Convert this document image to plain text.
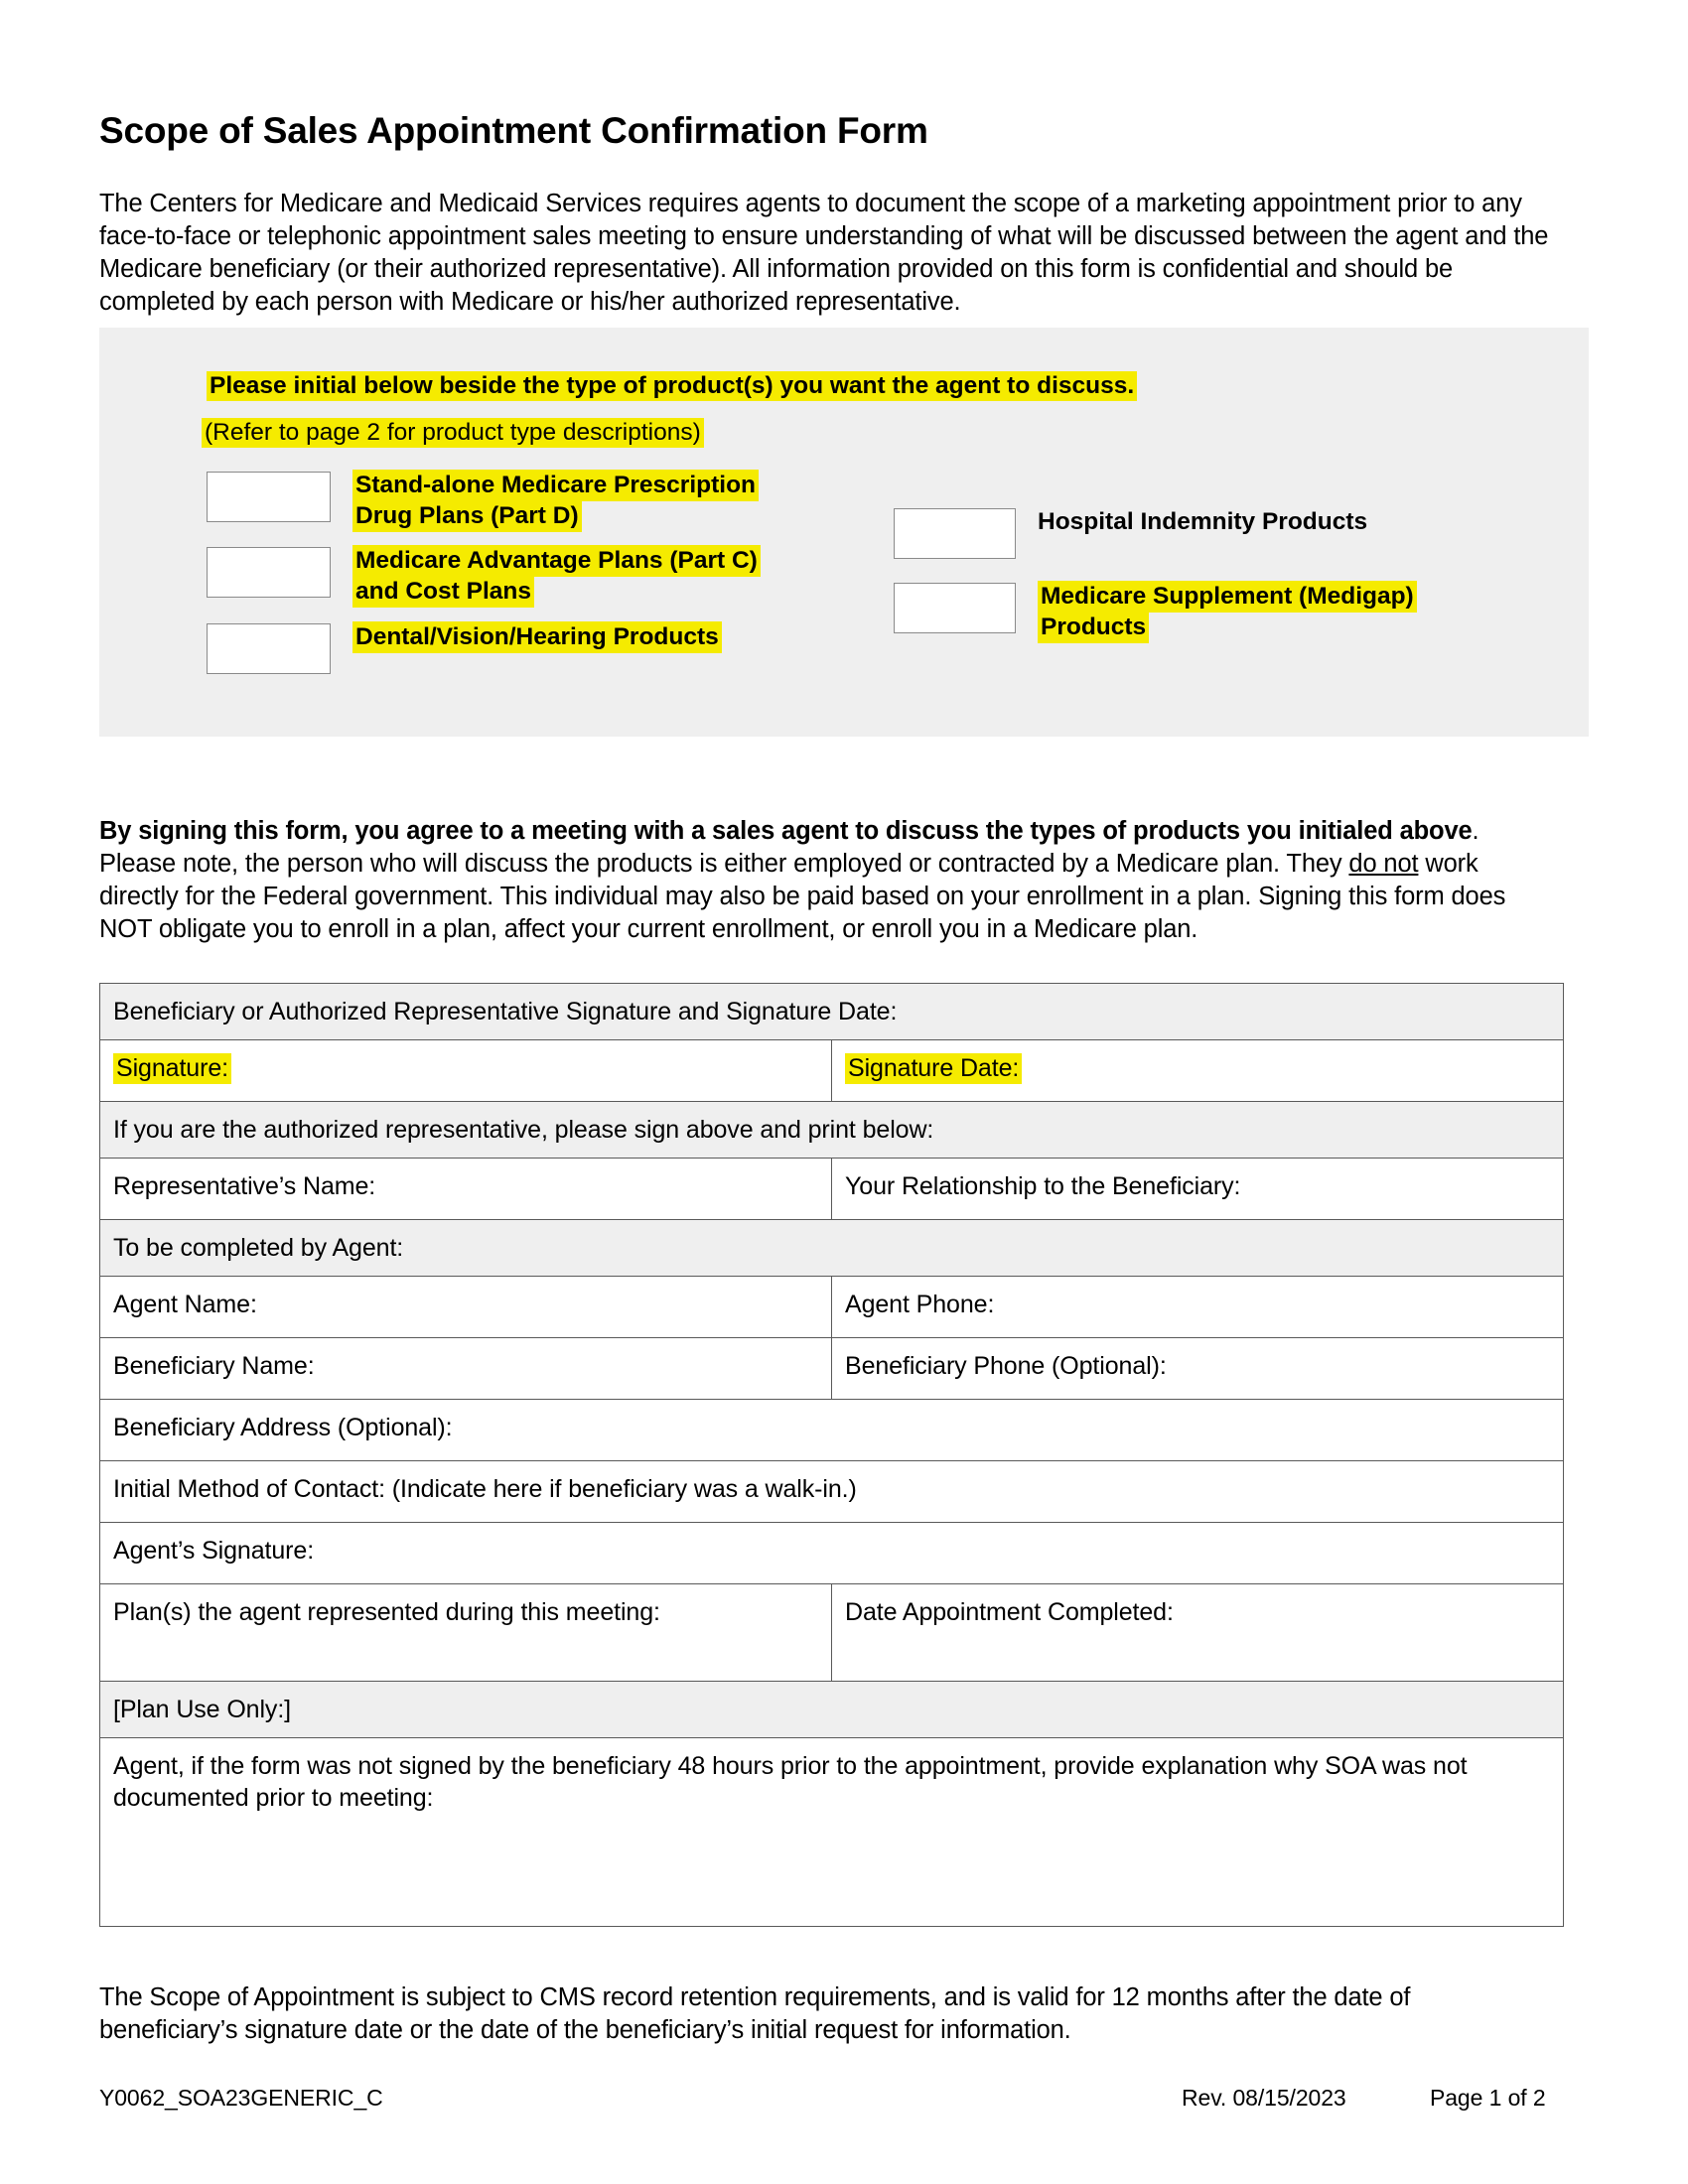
Scope of Sales Appointment Confirmation Form

The Centers for Medicare and Medicaid Services requires agents to document the scope of a marketing appointment prior to any face-to-face or telephonic appointment sales meeting to ensure understanding of what will be discussed between the agent and the Medicare beneficiary (or their authorized representative). All information provided on this form is confidential and should be completed by each person with Medicare or his/her authorized representative.

Please initial below beside the type of product(s) you want the agent to discuss.
(Refer to page 2 for product type descriptions)
Stand-alone Medicare Prescription Drug Plans (Part D)
Medicare Advantage Plans (Part C) and Cost Plans
Dental/Vision/Hearing Products
Hospital Indemnity Products
Medicare Supplement (Medigap) Products

By signing this form, you agree to a meeting with a sales agent to discuss the types of products you initialed above. Please note, the person who will discuss the products is either employed or contracted by a Medicare plan. They do not work directly for the Federal government. This individual may also be paid based on your enrollment in a plan. Signing this form does NOT obligate you to enroll in a plan, affect your current enrollment, or enroll you in a Medicare plan.

Beneficiary or Authorized Representative Signature and Signature Date:	
Signature:	Signature Date:
If you are the authorized representative, please sign above and print below:	
Representative’s Name:	Your Relationship to the Beneficiary:
To be completed by Agent:	
Agent Name:	Agent Phone:
Beneficiary Name:	Beneficiary Phone (Optional):
Beneficiary Address (Optional):	
Initial Method of Contact: (Indicate here if beneficiary was a walk-in.)	
Agent’s Signature:	
Plan(s) the agent represented during this meeting:	Date Appointment Completed:
[Plan Use Only:]	
Agent, if the form was not signed by the beneficiary 48 hours prior to the appointment, provide explanation why SOA was not documented prior to meeting:	

The Scope of Appointment is subject to CMS record retention requirements, and is valid for 12 months after the date of beneficiary’s signature date or the date of the beneficiary’s initial request for information.

Y0062_SOA23GENERIC_C	Rev. 08/15/2023	Page 1 of 2
